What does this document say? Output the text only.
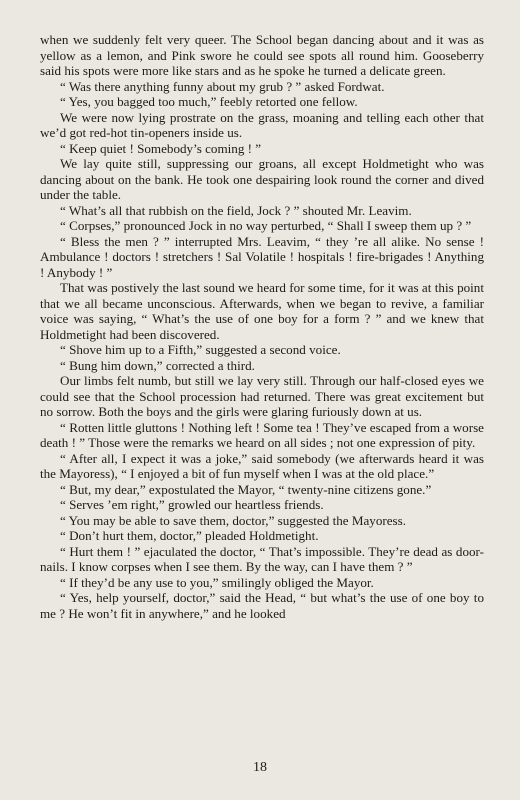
when we suddenly felt very queer. The School began dancing about and it was as yellow as a lemon, and Pink swore he could see spots all round him. Gooseberry said his spots were more like stars and as he spoke he turned a delicate green.

“ Was there anything funny about my grub ? ” asked Fordwat.

“ Yes, you bagged too much,” feebly retorted one fellow.

We were now lying prostrate on the grass, moaning and telling each other that we’d got red-hot tin-openers inside us.

“ Keep quiet ! Somebody’s coming ! ”

We lay quite still, suppressing our groans, all except Holdmetight who was dancing about on the bank. He took one despairing look round the corner and dived under the table.

“ What’s all that rubbish on the field, Jock ? ” shouted Mr. Leavim.

“ Corpses,” pronounced Jock in no way perturbed, “ Shall I sweep them up ? ”

“ Bless the men ? ” interrupted Mrs. Leavim, “ they ’re all alike. No sense ! Ambulance ! doctors ! stretchers ! Sal Volatile ! hospitals ! fire-brigades ! Anything ! Anybody ! ”

That was postively the last sound we heard for some time, for it was at this point that we all became unconscious. Afterwards, when we began to revive, a familiar voice was saying, “ What’s the use of one boy for a form ? ” and we knew that Holdmetight had been discovered.

“ Shove him up to a Fifth,” suggested a second voice.

“ Bung him down,” corrected a third.

Our limbs felt numb, but still we lay very still. Through our half-closed eyes we could see that the School procession had returned. There was great excitement but no sorrow. Both the boys and the girls were glaring furiously down at us.

“ Rotten little gluttons ! Nothing left ! Some tea ! They’ve escaped from a worse death ! ” Those were the remarks we heard on all sides ; not one expression of pity.

“ After all, I expect it was a joke,” said somebody (we afterwards heard it was the Mayoress), “ I enjoyed a bit of fun myself when I was at the old place.”

“ But, my dear,” expostulated the Mayor, “ twenty-nine citizens gone.”

“ Serves ’em right,” growled our heartless friends.

“ You may be able to save them, doctor,” suggested the Mayoress.

“ Don’t hurt them, doctor,” pleaded Holdmetight.

“ Hurt them ! ” ejaculated the doctor, “ That’s impossible. They’re dead as door-nails. I know corpses when I see them. By the way, can I have them ? ”

“ If they’d be any use to you,” smilingly obliged the Mayor.

“ Yes, help yourself, doctor,” said the Head, “ but what’s the use of one boy to me ? He won’t fit in anywhere,” and he looked

18
